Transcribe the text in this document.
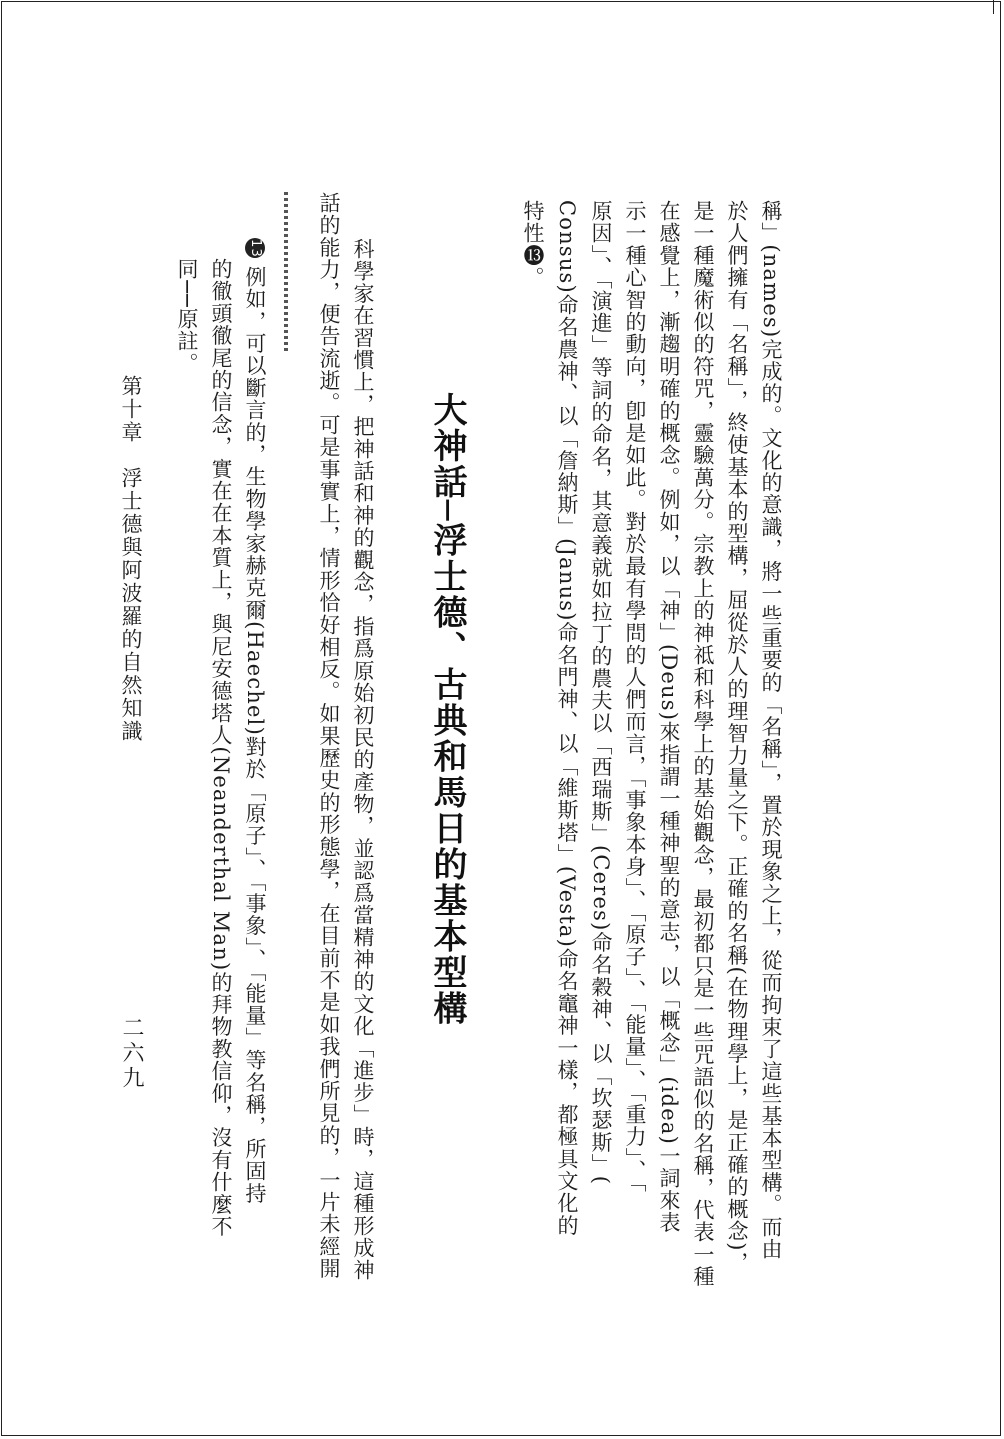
稱」(names)完成的。文化的意識，將一些重要的「名稱」，置於現象之上，從而拘束了這些基本型構。而由
於人們擁有「名稱」，終使基本的型構，屈從於人的理智力量之下。正確的名稱(在物理學上，是正確的概念)，
是一種魔術似的符咒，靈驗萬分。宗教上的神祗和科學上的基始觀念，最初都只是一些咒語似的名稱，代表一種
在感覺上，漸趨明確的概念。例如，以「神」(Deus)來指謂一種神聖的意志，以「概念」(idea)一詞來表
示一種心智的動向，卽是如此。對於最有學問的人們而言，「事象本身」、「原子」、「能量」、「重力」、「
原因」、「演進」等詞的命名，其意義就如拉丁的農夫以「西瑞斯」(Ceres)命名穀神、以「坎瑟斯」(
Consus)命名農神、以「詹納斯」(Janus)命名門神、以「維斯塔」(Vesta)命名竈神一樣，都極具文化的
特性⓭。
大神話─浮士德、古典和馬日的基本型構
科學家在習慣上，把神話和神的觀念，指爲原始初民的產物，並認爲當精神的文化「進步」時，這種形成神
話的能力，便告流逝。可是事實上，情形恰好相反。如果歷史的形態學，在目前不是如我們所見的，一片未經開
13 例如，可以斷言的，生物學家赫克爾(Haechel)對於「原子」、「事象」、「能量」等名稱，所固持
的徹頭徹尾的信念，實在在本質上，與尼安德塔人(Neanderthal Man)的拜物教信仰，沒有什麼不
同──原註。
第十章　浮士德與阿波羅的自然知識
二六九
